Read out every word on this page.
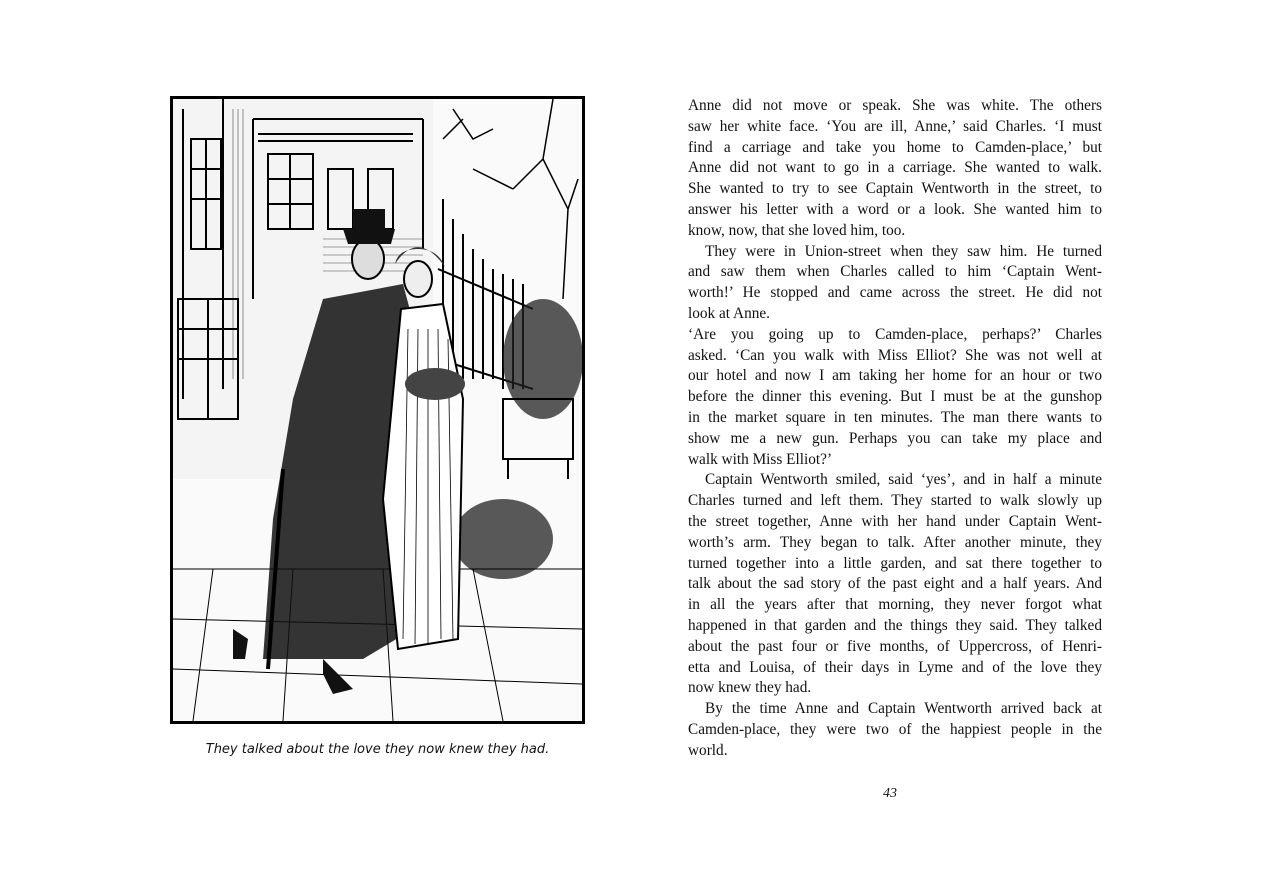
They talked about the love they now knew they had.
Anne did not move or speak. She was white. The others
saw her white face. ‘You are ill, Anne,’ said Charles. ‘I must
find a carriage and take you home to Camden-place,’ but
Anne did not want to go in a carriage. She wanted to walk.
She wanted to try to see Captain Wentworth in the street, to
answer his letter with a word or a look. She wanted him to
know, now, that she loved him, too.
They were in Union-street when they saw him. He turned
and saw them when Charles called to him ‘Captain Went-
worth!’ He stopped and came across the street. He did not
look at Anne.
‘Are you going up to Camden-place, perhaps?’ Charles
asked. ‘Can you walk with Miss Elliot? She was not well at
our hotel and now I am taking her home for an hour or two
before the dinner this evening. But I must be at the gunshop
in the market square in ten minutes. The man there wants to
show me a new gun. Perhaps you can take my place and
walk with Miss Elliot?’
Captain Wentworth smiled, said ‘yes’, and in half a minute
Charles turned and left them. They started to walk slowly up
the street together, Anne with her hand under Captain Went-
worth’s arm. They began to talk. After another minute, they
turned together into a little garden, and sat there together to
talk about the sad story of the past eight and a half years. And
in all the years after that morning, they never forgot what
happened in that garden and the things they said. They talked
about the past four or five months, of Uppercross, of Henri-
etta and Louisa, of their days in Lyme and of the love they
now knew they had.
By the time Anne and Captain Wentworth arrived back at
Camden-place, they were two of the happiest people in the
world.
43
